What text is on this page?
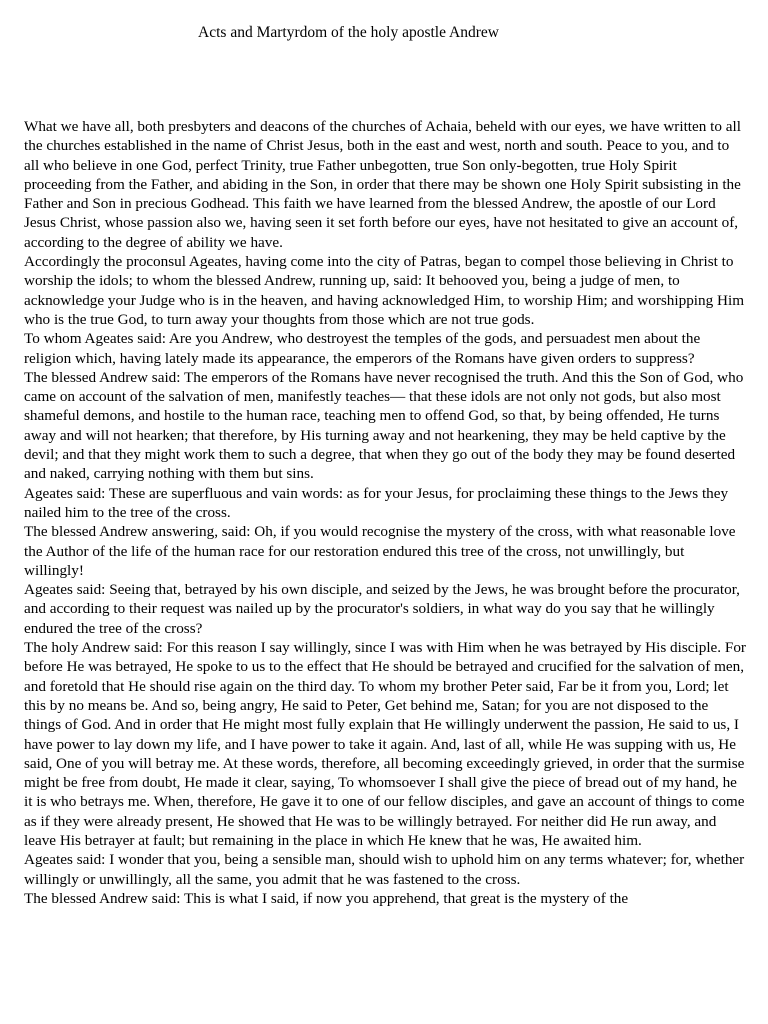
Acts and Martyrdom of the holy apostle Andrew

What we have all, both presbyters and deacons of the churches of Achaia, beheld with our eyes, we have written to all the churches established in the name of Christ Jesus, both in the east and west, north and south. Peace to you, and to all who believe in one God, perfect Trinity, true Father unbegotten, true Son only-begotten, true Holy Spirit proceeding from the Father, and abiding in the Son, in order that there may be shown one Holy Spirit subsisting in the Father and Son in precious Godhead. This faith we have learned from the blessed Andrew, the apostle of our Lord Jesus Christ, whose passion also we, having seen it set forth before our eyes, have not hesitated to give an account of, according to the degree of ability we have.

Accordingly the proconsul Ageates, having come into the city of Patras, began to compel those believing in Christ to worship the idols; to whom the blessed Andrew, running up, said: It behooved you, being a judge of men, to acknowledge your Judge who is in the heaven, and having acknowledged Him, to worship Him; and worshipping Him who is the true God, to turn away your thoughts from those which are not true gods.

To whom Ageates said: Are you Andrew, who destroyest the temples of the gods, and persuadest men about the religion which, having lately made its appearance, the emperors of the Romans have given orders to suppress?

The blessed Andrew said: The emperors of the Romans have never recognised the truth. And this the Son of God, who came on account of the salvation of men, manifestly teaches— that these idols are not only not gods, but also most shameful demons, and hostile to the human race, teaching men to offend God, so that, by being offended, He turns away and will not hearken; that therefore, by His turning away and not hearkening, they may be held captive by the devil; and that they might work them to such a degree, that when they go out of the body they may be found deserted and naked, carrying nothing with them but sins.

Ageates said: These are superfluous and vain words: as for your Jesus, for proclaiming these things to the Jews they nailed him to the tree of the cross.

The blessed Andrew answering, said: Oh, if you would recognise the mystery of the cross, with what reasonable love the Author of the life of the human race for our restoration endured this tree of the cross, not unwillingly, but willingly!

Ageates said: Seeing that, betrayed by his own disciple, and seized by the Jews, he was brought before the procurator, and according to their request was nailed up by the procurator's soldiers, in what way do you say that he willingly endured the tree of the cross?

The holy Andrew said: For this reason I say willingly, since I was with Him when he was betrayed by His disciple. For before He was betrayed, He spoke to us to the effect that He should be betrayed and crucified for the salvation of men, and foretold that He should rise again on the third day. To whom my brother Peter said, Far be it from you, Lord; let this by no means be. And so, being angry, He said to Peter, Get behind me, Satan; for you are not disposed to the things of God. And in order that He might most fully explain that He willingly underwent the passion, He said to us, I have power to lay down my life, and I have power to take it again. And, last of all, while He was supping with us, He said, One of you will betray me. At these words, therefore, all becoming exceedingly grieved, in order that the surmise might be free from doubt, He made it clear, saying, To whomsoever I shall give the piece of bread out of my hand, he it is who betrays me. When, therefore, He gave it to one of our fellow disciples, and gave an account of things to come as if they were already present, He showed that He was to be willingly betrayed. For neither did He run away, and leave His betrayer at fault; but remaining in the place in which He knew that he was, He awaited him.

Ageates said: I wonder that you, being a sensible man, should wish to uphold him on any terms whatever; for, whether willingly or unwillingly, all the same, you admit that he was fastened to the cross.

The blessed Andrew said: This is what I said, if now you apprehend, that great is the mystery of the
